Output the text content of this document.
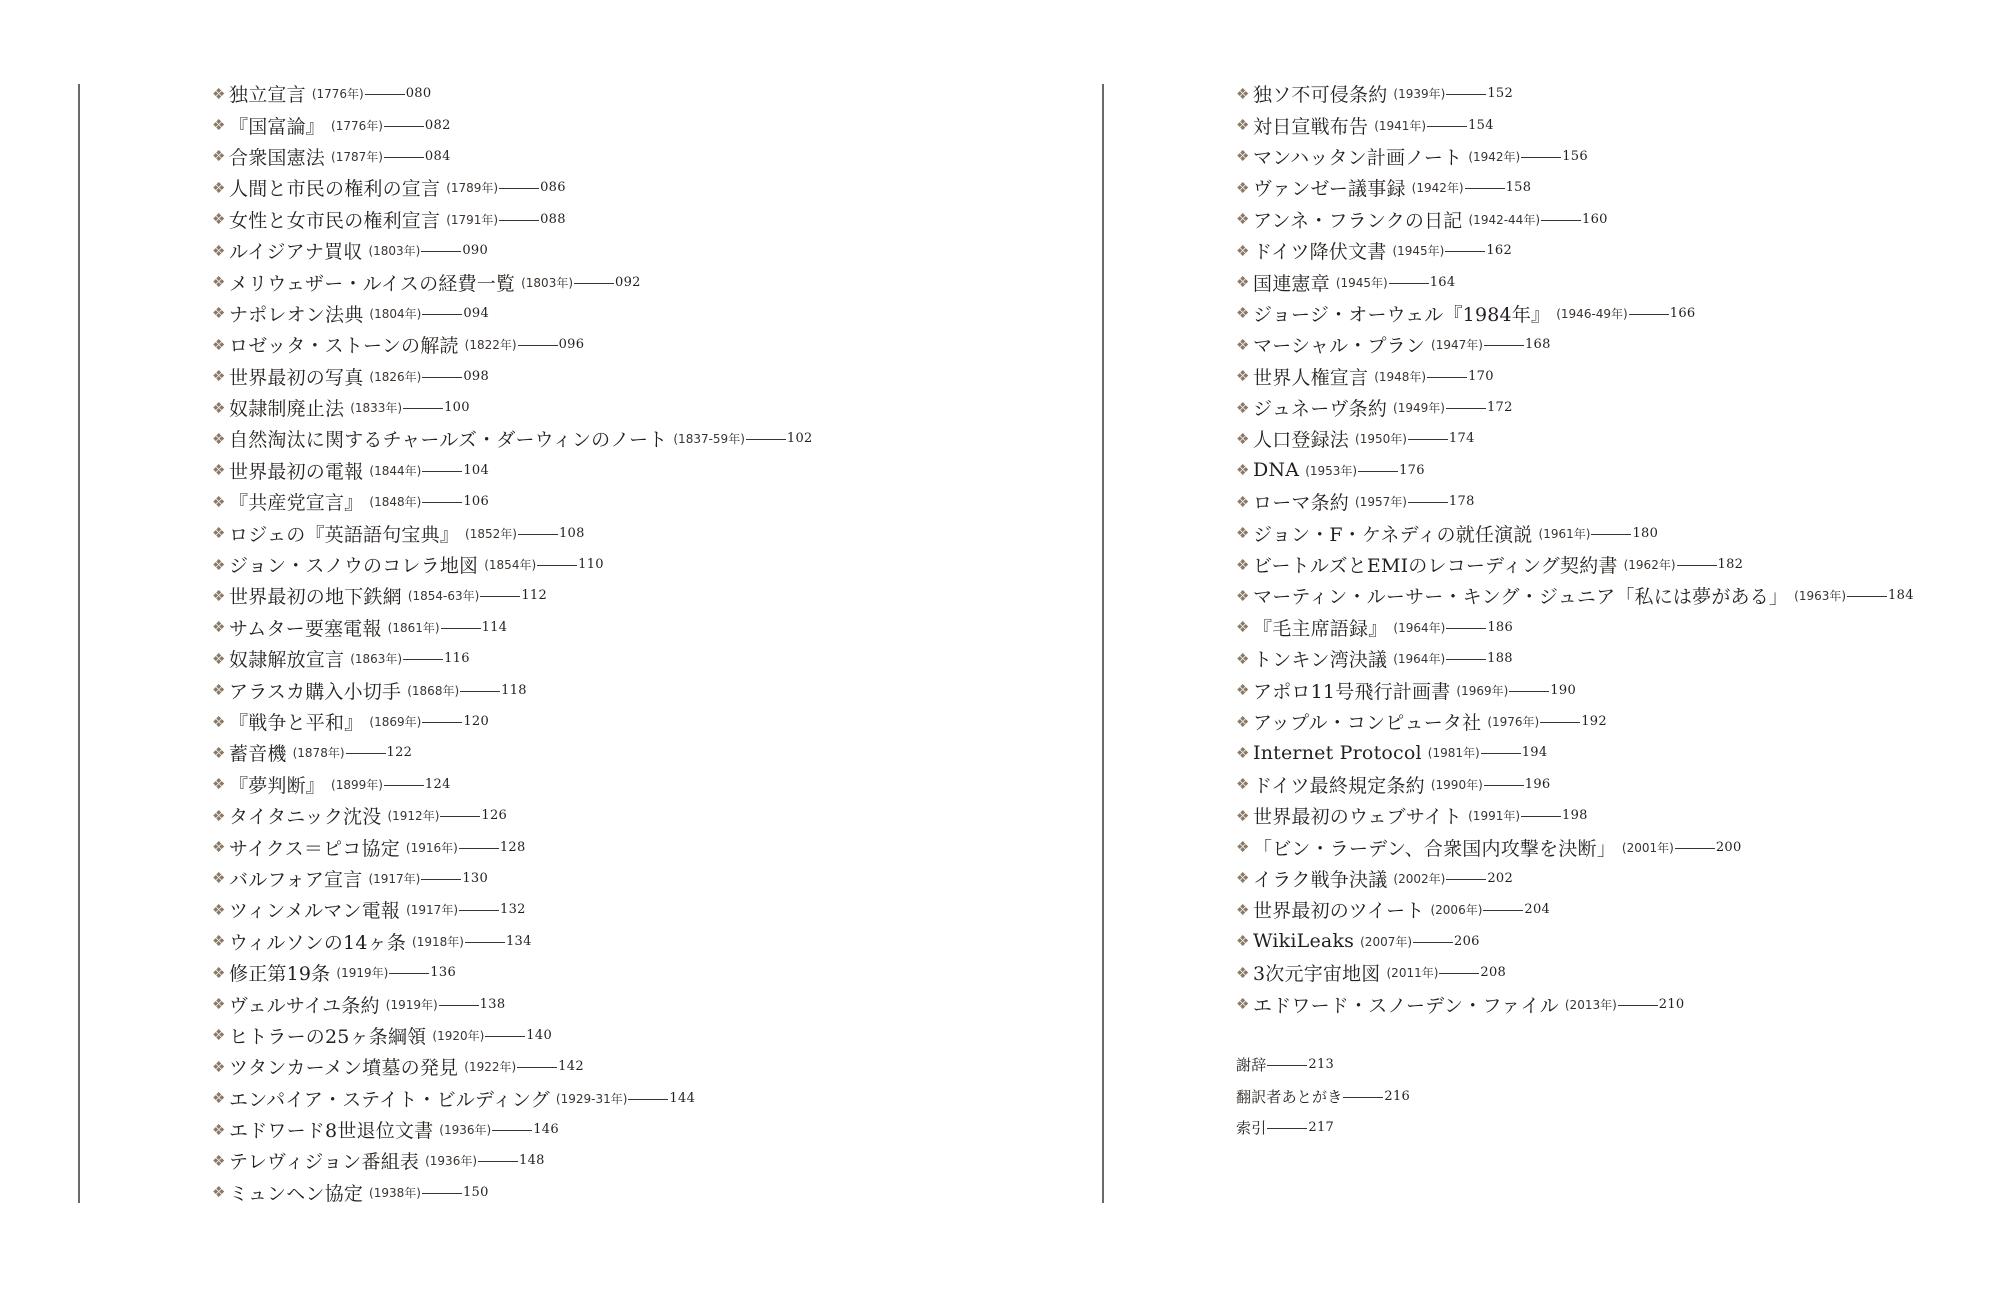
❖ 独立宣言 (1776年)	080
❖ 『国富論』 (1776年)	082
❖ 合衆国憲法 (1787年)	084
❖ 人間と市民の権利の宣言 (1789年)	086
❖ 女性と女市民の権利宣言 (1791年)	088
❖ ルイジアナ買収 (1803年)	090
❖ メリウェザー・ルイスの経費一覧 (1803年)	092
❖ ナポレオン法典 (1804年)	094
❖ ロゼッタ・ストーンの解読 (1822年)	096
❖ 世界最初の写真 (1826年)	098
❖ 奴隷制廃止法 (1833年)	100
❖ 自然淘汰に関するチャールズ・ダーウィンのノート (1837-59年)	102
❖ 世界最初の電報 (1844年)	104
❖ 『共産党宣言』 (1848年)	106
❖ ロジェの『英語語句宝典』 (1852年)	108
❖ ジョン・スノウのコレラ地図 (1854年)	110
❖ 世界最初の地下鉄網 (1854-63年)	112
❖ サムター要塞電報 (1861年)	114
❖ 奴隷解放宣言 (1863年)	116
❖ アラスカ購入小切手 (1868年)	118
❖ 『戦争と平和』 (1869年)	120
❖ 蓄音機 (1878年)	122
❖ 『夢判断』 (1899年)	124
❖ タイタニック沈没 (1912年)	126
❖ サイクス＝ピコ協定 (1916年)	128
❖ バルフォア宣言 (1917年)	130
❖ ツィンメルマン電報 (1917年)	132
❖ ウィルソンの14ヶ条 (1918年)	134
❖ 修正第19条 (1919年)	136
❖ ヴェルサイユ条約 (1919年)	138
❖ ヒトラーの25ヶ条綱領 (1920年)	140
❖ ツタンカーメン墳墓の発見 (1922年)	142
❖ エンパイア・ステイト・ビルディング (1929-31年)	144
❖ エドワード8世退位文書 (1936年)	146
❖ テレヴィジョン番組表 (1936年)	148
❖ ミュンヘン協定 (1938年)	150
❖ 独ソ不可侵条約 (1939年)	152
❖ 対日宣戦布告 (1941年)	154
❖ マンハッタン計画ノート (1942年)	156
❖ ヴァンゼー議事録 (1942年)	158
❖ アンネ・フランクの日記 (1942-44年)	160
❖ ドイツ降伏文書 (1945年)	162
❖ 国連憲章 (1945年)	164
❖ ジョージ・オーウェル『1984年』 (1946-49年)	166
❖ マーシャル・プラン (1947年)	168
❖ 世界人権宣言 (1948年)	170
❖ ジュネーヴ条約 (1949年)	172
❖ 人口登録法 (1950年)	174
❖ DNA (1953年)	176
❖ ローマ条約 (1957年)	178
❖ ジョン・F・ケネディの就任演説 (1961年)	180
❖ ビートルズとEMIのレコーディング契約書 (1962年)	182
❖ マーティン・ルーサー・キング・ジュニア「私には夢がある」 (1963年)	184
❖ 『毛主席語録』 (1964年)	186
❖ トンキン湾決議 (1964年)	188
❖ アポロ11号飛行計画書 (1969年)	190
❖ アップル・コンピュータ社 (1976年)	192
❖ Internet Protocol (1981年)	194
❖ ドイツ最終規定条約 (1990年)	196
❖ 世界最初のウェブサイト (1991年)	198
❖ 「ビン・ラーデン、合衆国内攻撃を決断」 (2001年)	200
❖ イラク戦争決議 (2002年)	202
❖ 世界最初のツイート (2006年)	204
❖ WikiLeaks (2007年)	206
❖ 3次元宇宙地図 (2011年)	208
❖ エドワード・スノーデン・ファイル (2013年)	210
謝辞	213
翻訳者あとがき	216
索引	217
